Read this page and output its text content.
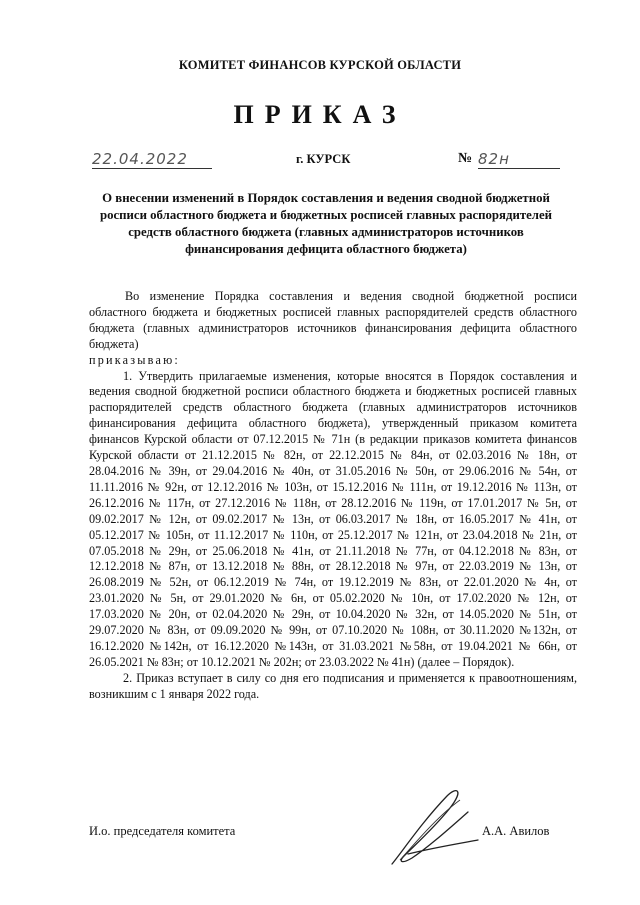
КОМИТЕТ ФИНАНСОВ КУРСКОЙ ОБЛАСТИ
ПРИКАЗ
22.04.2022	г. КУРСК	№ 82н
О внесении изменений в Порядок составления и ведения сводной бюджетной росписи областного бюджета и бюджетных росписей главных распорядителей средств областного бюджета (главных администраторов источников финансирования дефицита областного бюджета)

Во изменение Порядка составления и ведения сводной бюджетной росписи областного бюджета и бюджетных росписей главных распорядителей средств областного бюджета (главных администраторов источников финансирования дефицита областного бюджета)

приказываю:

1. Утвердить прилагаемые изменения, которые вносятся в Порядок составления и ведения сводной бюджетной росписи областного бюджета и бюджетных росписей главных распорядителей средств областного бюджета (главных администраторов источников финансирования дефицита областного бюджета), утвержденный приказом комитета финансов Курской области от 07.12.2015 № 71н (в редакции приказов комитета финансов Курской области от 21.12.2015 № 82н, от 22.12.2015 № 84н, от 02.03.2016 № 18н, от 28.04.2016 № 39н, от 29.04.2016 № 40н, от 31.05.2016 № 50н, от 29.06.2016 № 54н, от 11.11.2016 № 92н, от 12.12.2016 № 103н, от 15.12.2016 № 111н, от 19.12.2016 № 113н, от 26.12.2016 № 117н, от 27.12.2016 № 118н, от 28.12.2016 № 119н, от 17.01.2017 № 5н, от 09.02.2017 № 12н, от 09.02.2017 № 13н, от 06.03.2017 № 18н, от 16.05.2017 № 41н, от 05.12.2017 № 105н, от 11.12.2017 № 110н, от 25.12.2017 № 121н, от 23.04.2018 № 21н, от 07.05.2018 № 29н, от 25.06.2018 № 41н, от 21.11.2018 № 77н, от 04.12.2018 № 83н, от 12.12.2018 № 87н, от 13.12.2018 № 88н, от 28.12.2018 № 97н, от 22.03.2019 № 13н, от 26.08.2019 № 52н, от 06.12.2019 № 74н, от 19.12.2019 № 83н, от 22.01.2020 № 4н, от 23.01.2020 № 5н, от 29.01.2020 № 6н, от 05.02.2020 № 10н, от 17.02.2020 № 12н, от 17.03.2020 № 20н, от 02.04.2020 № 29н, от 10.04.2020 № 32н, от 14.05.2020 № 51н, от 29.07.2020 № 83н, от 09.09.2020 № 99н, от 07.10.2020 № 108н, от 30.11.2020 №132н, от 16.12.2020 №142н, от 16.12.2020 №143н, от 31.03.2021 №58н, от 19.04.2021 № 66н, от 26.05.2021 № 83н; от 10.12.2021 № 202н; от 23.03.2022 № 41н) (далее – Порядок).

2. Приказ вступает в силу со дня его подписания и применяется к правоотношениям, возникшим с 1 января 2022 года.

И.о. председателя комитета	А.А. Авилов
